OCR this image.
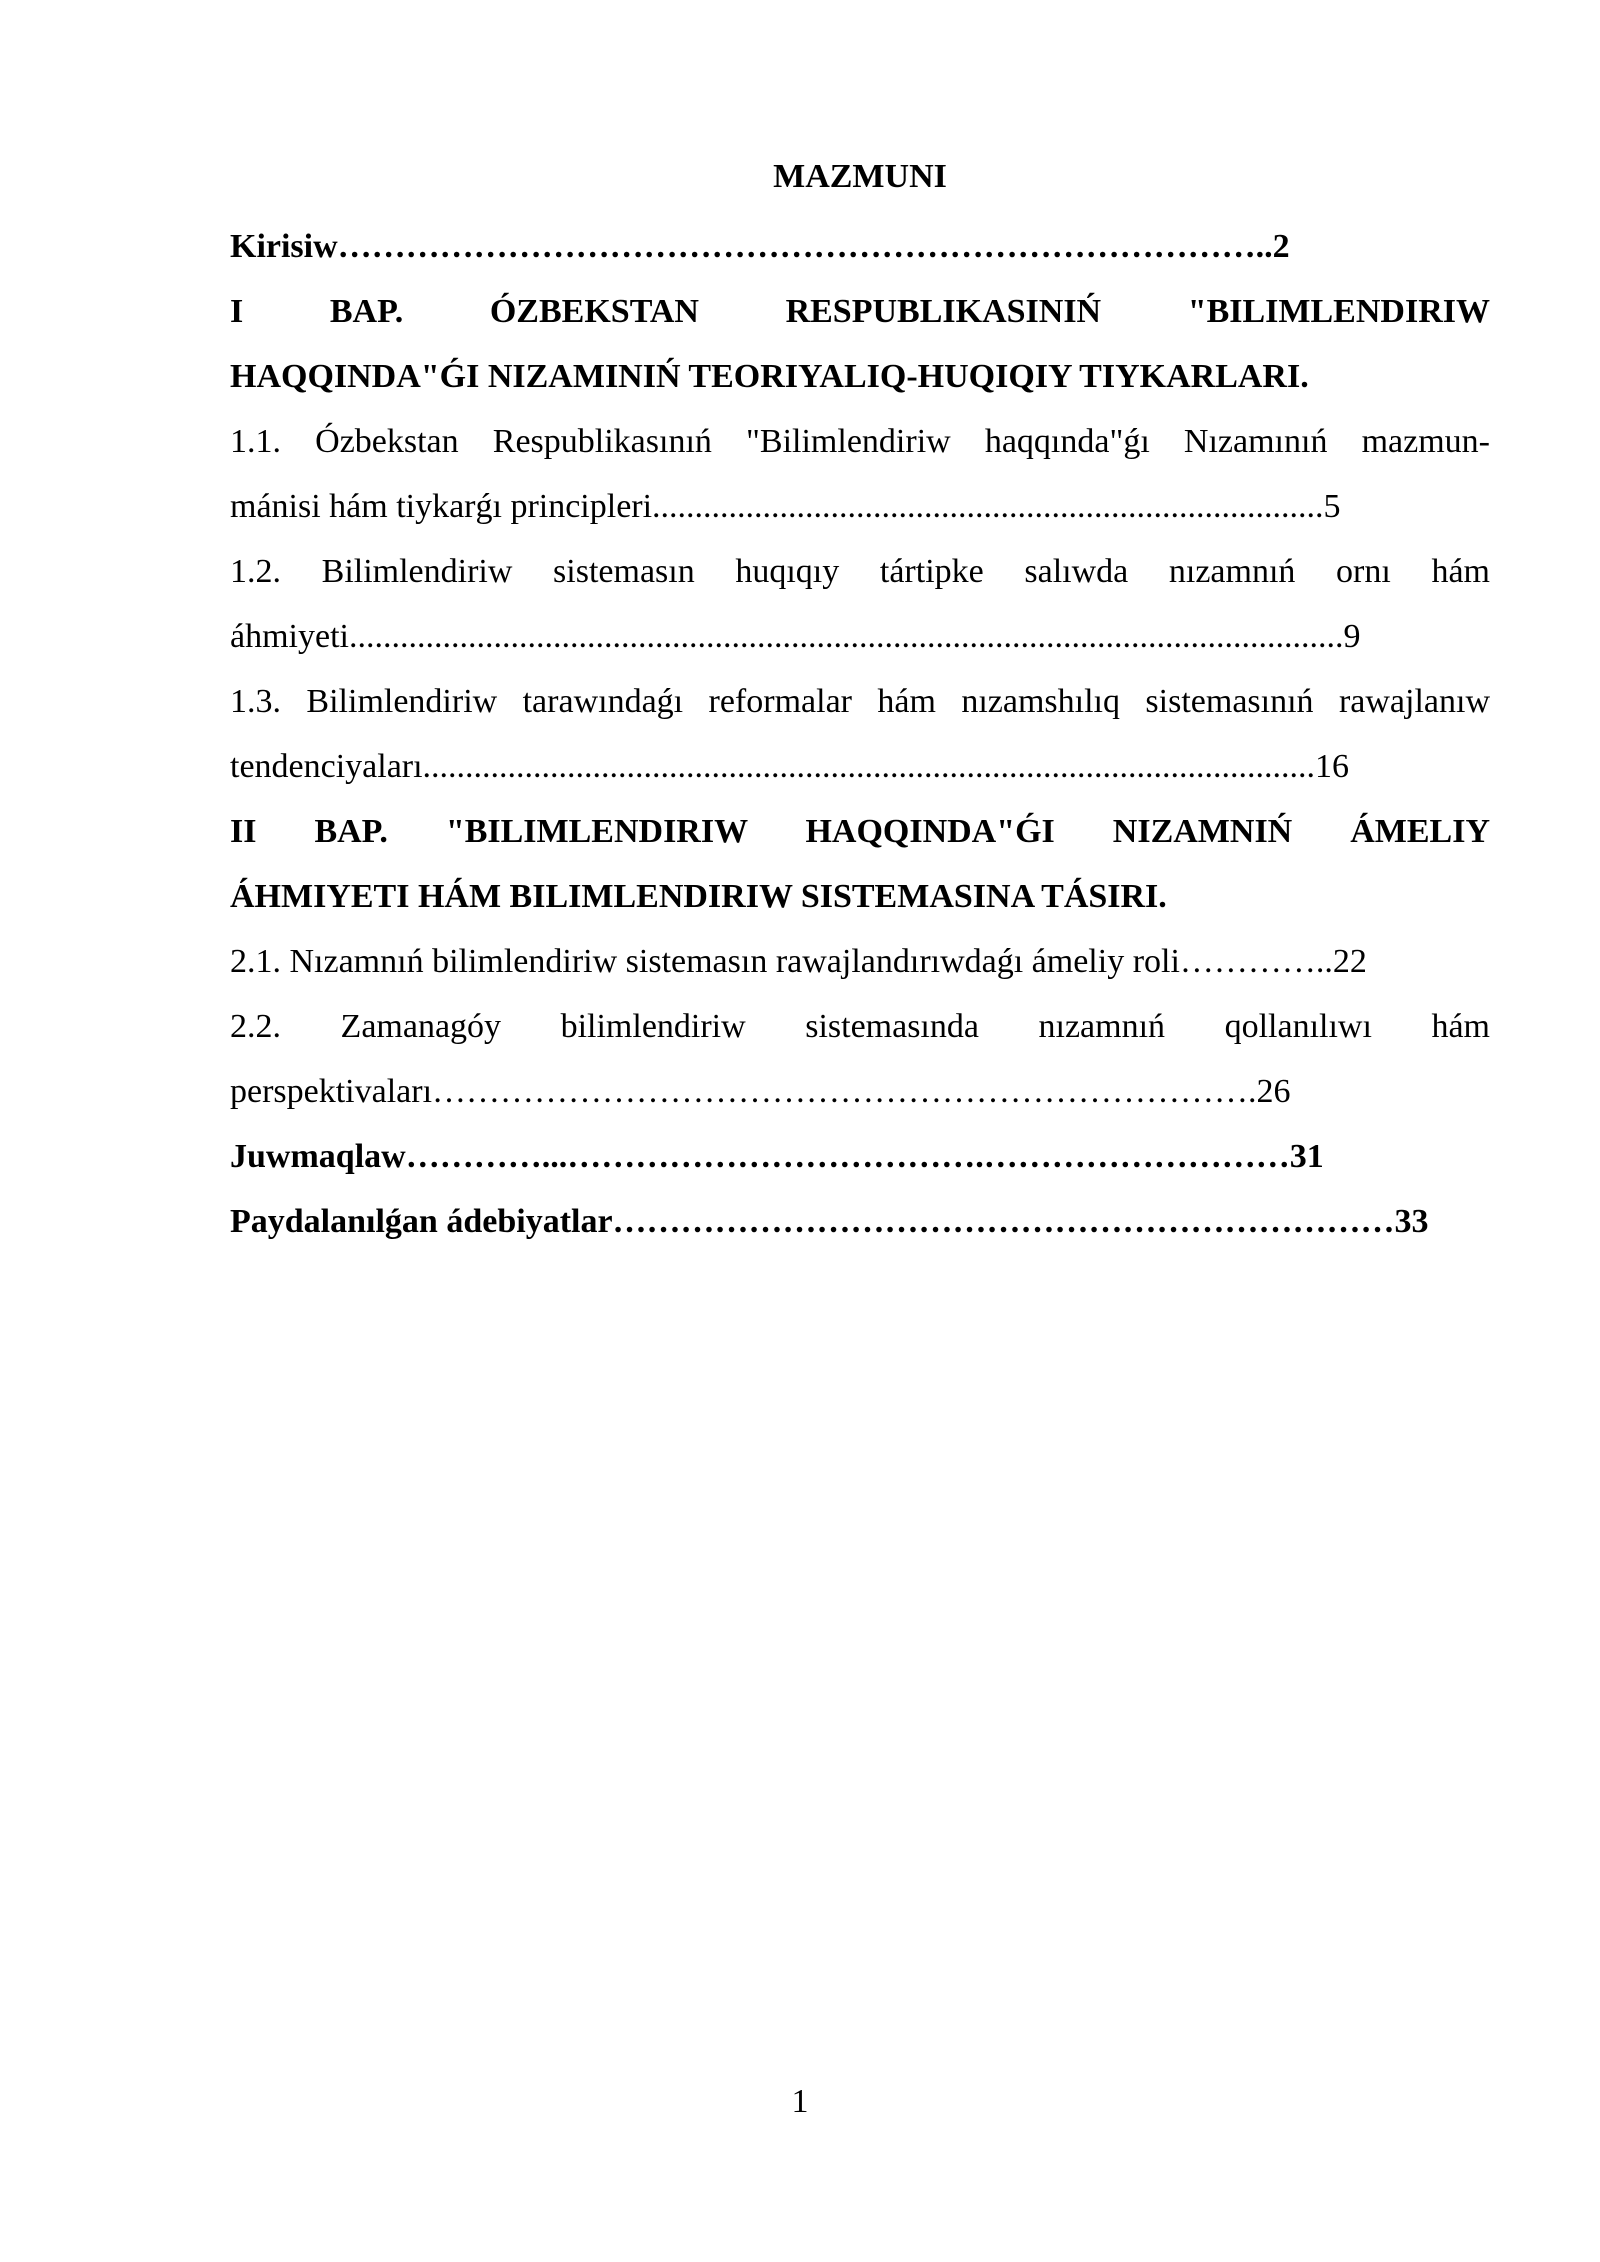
MAZMUNI
Kirisiw………………………………………………………………………..2
I BAP. ÓZBEKSTAN RESPUBLIKASINIŃ "BILIMLENDIRIW
HAQQINDA"ǴI NIZAMINIŃ TEORIYALIQ-HUQIQIY TIYKARLARI.
1.1. Ózbekstan Respublikasınıń "Bilimlendiriw haqqında"ǵı Nızamınıń mazmun-
mánisi hám tiykarǵı principleri...............................................................................5
1.2. Bilimlendiriw sistemasın huqıqıy tártipke salıwda nızamnıń ornı hám
áhmiyeti.....................................................................................................................9
1.3. Bilimlendiriw tarawındaǵı reformalar hám nızamshılıq sistemasınıń rawajlanıw
tendenciyaları.........................................................................................................16
II BAP. "BILIMLENDIRIW HAQQINDA"ǴI NIZAMNIŃ ÁMELIY
ÁHMIYETI HÁM BILIMLENDIRIW SISTEMASINA TÁSIRI.
2.1. Nızamnıń bilimlendiriw sistemasın rawajlandırıwdaǵı ámeliy roli…………..22
2.2. Zamanagóy bilimlendiriw sistemasında nızamnıń qollanılıwı hám
perspektivaları……………………………………………………………….26
Juwmaqlaw…………...……………………………….………………………31
Paydalanılǵan ádebiyatlar……………………………………………………………33
1
